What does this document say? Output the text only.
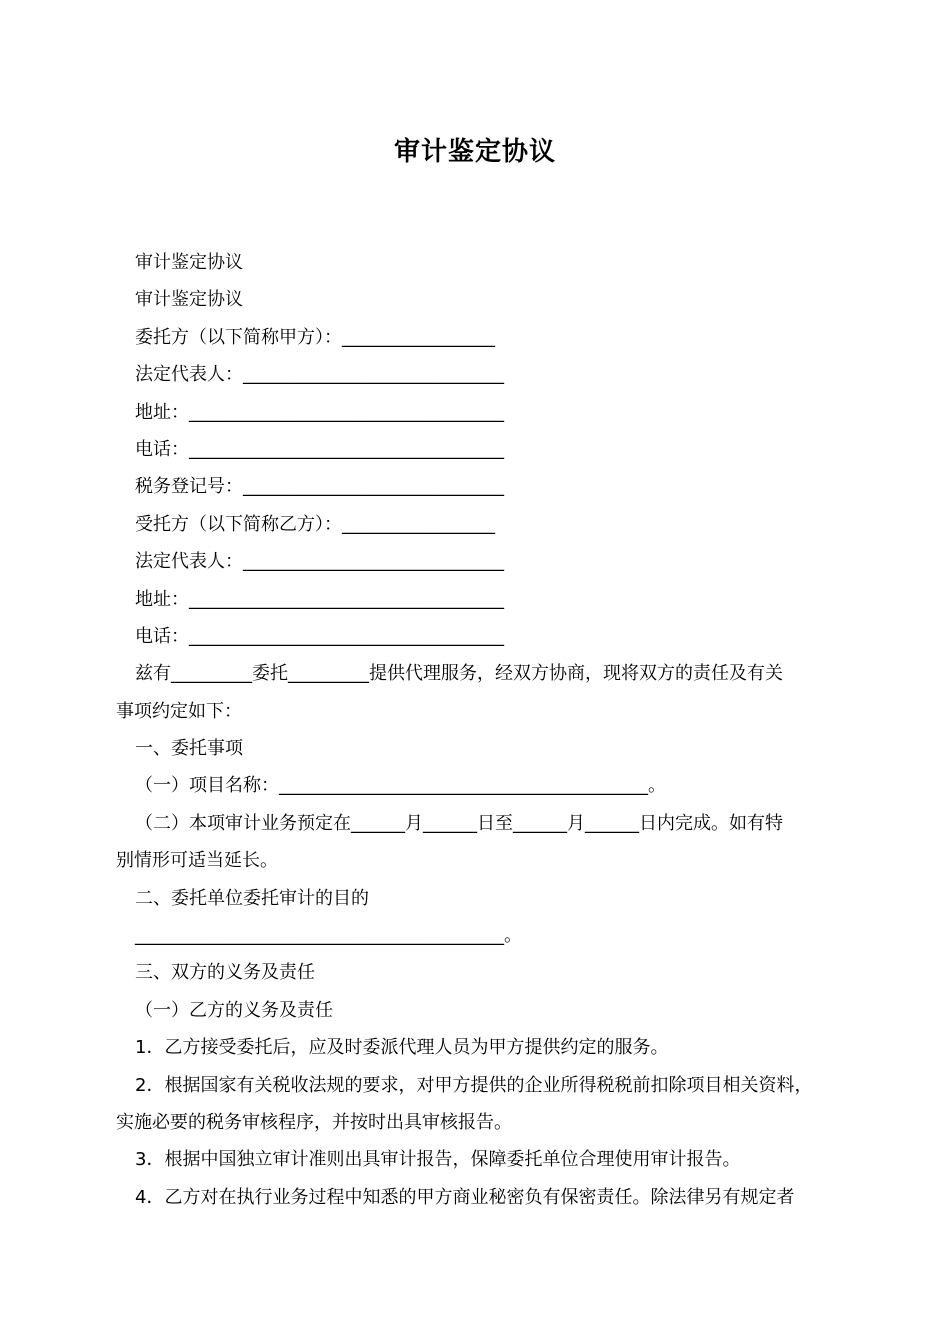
审计鉴定协议
审计鉴定协议
审计鉴定协议
委托方（以下简称甲方）：_________________
法定代表人：_____________________________
地址：___________________________________
电话：___________________________________
税务登记号：_____________________________
受托方（以下简称乙方）：_________________
法定代表人：_____________________________
地址：___________________________________
电话：___________________________________
兹有_________委托_________提供代理服务，经双方协商，现将双方的责任及有关
事项约定如下：
一、委托事项
（一）项目名称：_________________________________________。
（二）本项审计业务预定在______月______日至______月______日内完成。如有特
别情形可适当延长。
二、委托单位委托审计的目的
_________________________________________。
三、双方的义务及责任
（一）乙方的义务及责任
1．乙方接受委托后，应及时委派代理人员为甲方提供约定的服务。
2．根据国家有关税收法规的要求，对甲方提供的企业所得税税前扣除项目相关资料，
实施必要的税务审核程序，并按时出具审核报告。
3．根据中国独立审计准则出具审计报告，保障委托单位合理使用审计报告。
4．乙方对在执行业务过程中知悉的甲方商业秘密负有保密责任。除法律另有规定者
